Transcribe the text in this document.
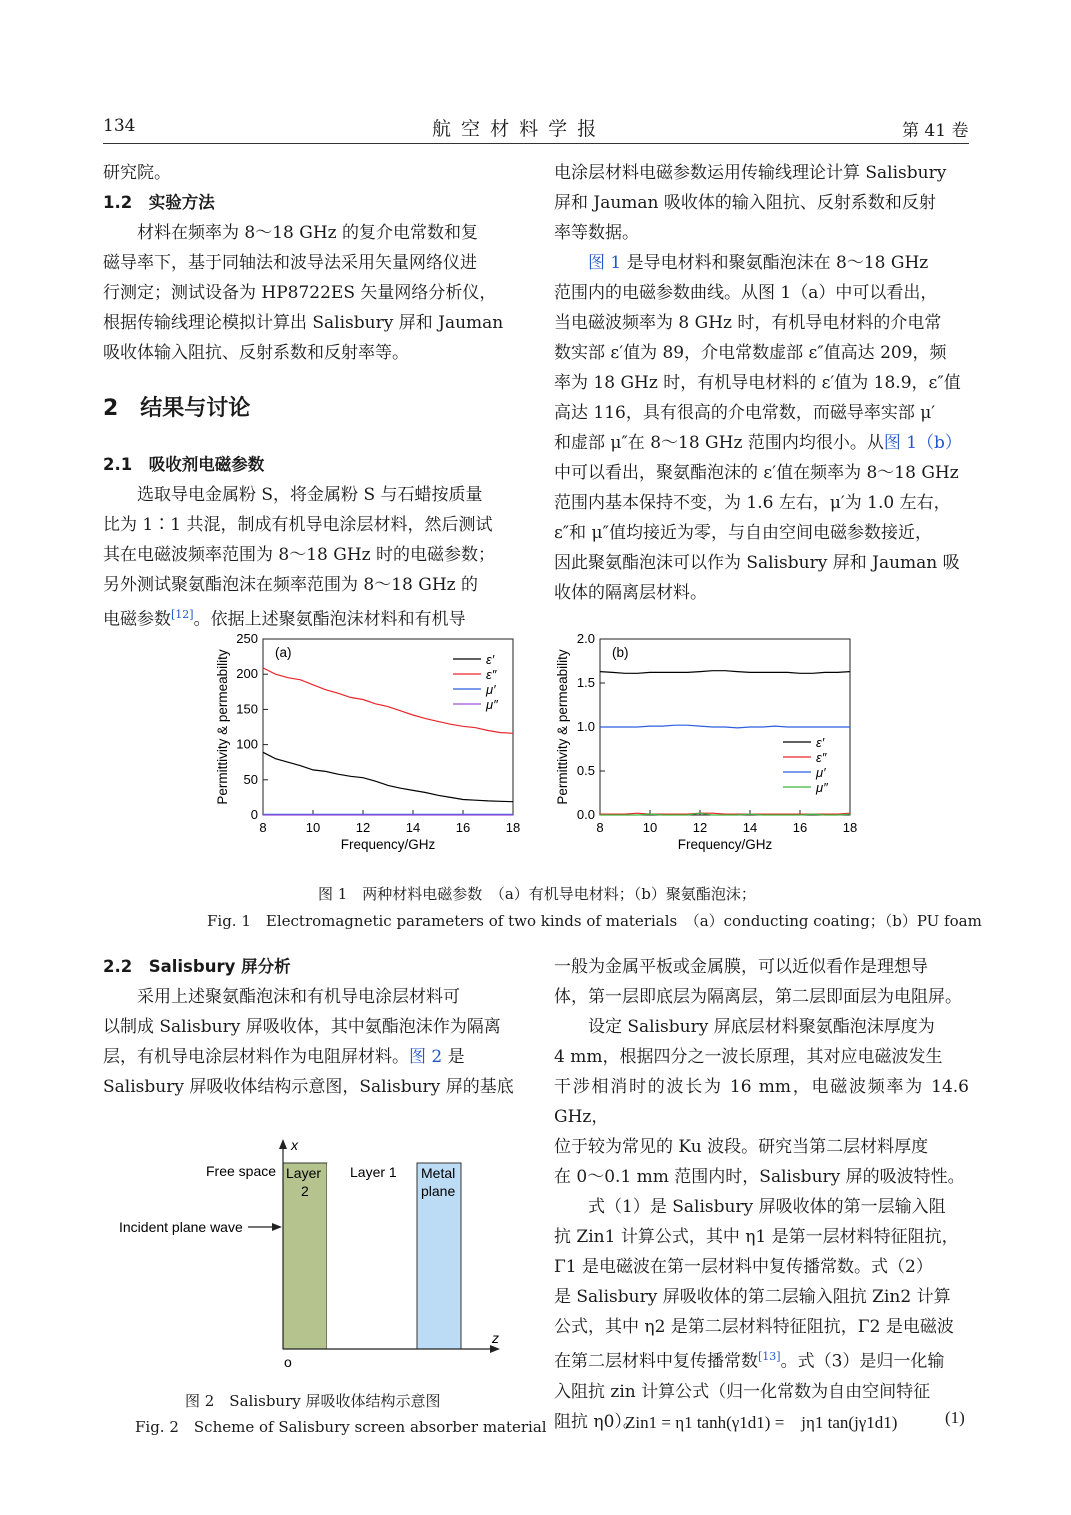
134	航 空 材 料 学 报	第 41 卷

研究院。

1.2　实验方法

材料在频率为 8～18 GHz 的复介电常数和复

磁导率下，基于同轴法和波导法采用矢量网络仪进

行测定；测试设备为 HP8722ES 矢量网络分析仪，

根据传输线理论模拟计算出 Salisbury 屏和 Jauman

吸收体输入阻抗、反射系数和反射率等。

2　结果与讨论

2.1　吸收剂电磁参数

选取导电金属粉 S，将金属粉 S 与石蜡按质量

比为 1∶1 共混，制成有机导电涂层材料，然后测试

其在电磁波频率范围为 8～18 GHz 时的电磁参数；

另外测试聚氨酯泡沫在频率范围为 8～18 GHz 的

电磁参数[12]。依据上述聚氨酯泡沫材料和有机导

电涂层材料电磁参数运用传输线理论计算 Salisbury

屏和 Jauman 吸收体的输入阻抗、反射系数和反射

率等数据。

图 1 是导电材料和聚氨酯泡沫在 8～18 GHz

范围内的电磁参数曲线。从图 1（a）中可以看出，

当电磁波频率为 8 GHz 时，有机导电材料的介电常

数实部 ε′值为 89，介电常数虚部 ε″值高达 209，频

率为 18 GHz 时，有机导电材料的 ε′值为 18.9，ε″值

高达 116，具有很高的介电常数，而磁导率实部 μ′

和虚部 μ″在 8～18 GHz 范围内均很小。从图 1（b）

中可以看出，聚氨酯泡沫的 ε′值在频率为 8～18 GHz

范围内基本保持不变，为 1.6 左右，μ′为 1.0 左右，

ε″和 μ″值均接近为零，与自由空间电磁参数接近，

因此聚氨酯泡沫可以作为 Salisbury 屏和 Jauman 吸

收体的隔离层材料。

8	10	12	14	16	18
0
50
100
150
200
250
Frequency/GHz
Permittivity & permeability	(a)	ε′
ε″
μ′
μ″
8	10	12	14	16	18
0.0
0.5
1.0
1.5
2.0
Frequency/GHz
Permittivity & permeability	(b)
ε′
ε″
μ′
μ″
图 1　两种材料电磁参数　（a）有机导电材料；（b）聚氨酯泡沫；
Fig. 1　Electromagnetic parameters of two kinds of materials　（a）conducting coating；（b）PU foam

2.2　Salisbury 屏分析

采用上述聚氨酯泡沫和有机导电涂层材料可

以制成 Salisbury 屏吸收体，其中氨酯泡沫作为隔离

层，有机导电涂层材料作为电阻屏材料。图 2 是

Salisbury 屏吸收体结构示意图，Salisbury 屏的基底

x
z
o
Free space Layer
2
Layer 1 Metal
plane
Incident plane wave
图 2　Salisbury 屏吸收体结构示意图
Fig. 2　Scheme of Salisbury screen absorber material

一般为金属平板或金属膜，可以近似看作是理想导

体，第一层即底层为隔离层，第二层即面层为电阻屏。

设定 Salisbury 屏底层材料聚氨酯泡沫厚度为

4 mm，根据四分之一波长原理，其对应电磁波发生

干涉相消时的波长为 16 mm，电磁波频率为 14.6 GHz，

位于较为常见的 Ku 波段。研究当第二层材料厚度

在 0～0.1 mm 范围内时，Salisbury 屏的吸波特性。

式（1）是 Salisbury 屏吸收体的第一层输入阻

抗 Zin1 计算公式，其中 η1 是第一层材料特征阻抗，

Γ1 是电磁波在第一层材料中复传播常数。式（2）

是 Salisbury 屏吸收体的第二层输入阻抗 Zin2 计算

公式，其中 η2 是第二层材料特征阻抗，Γ2 是电磁波

在第二层材料中复传播常数[13]。式（3）是归一化输

入阻抗 zin 计算公式（归一化常数为自由空间特征

阻抗 η0）。

Zin1 = η1 tanh(γ1d1) =　jη1 tan(jγ1d1)	(1)
